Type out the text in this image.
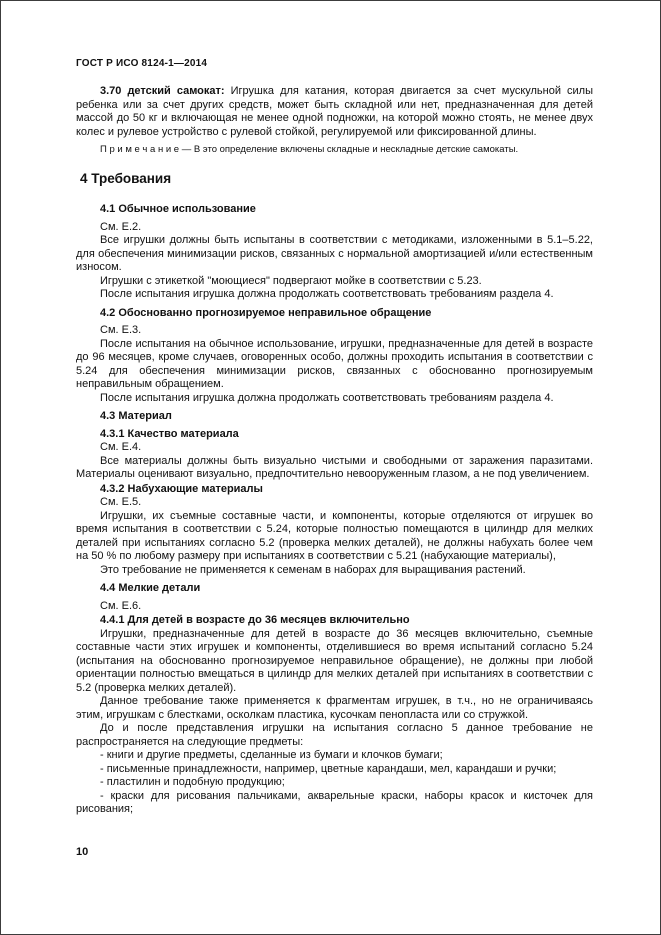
ГОСТ Р ИСО 8124-1—2014

3.70 детский самокат: Игрушка для катания, которая двигается за счет мускульной силы ребенка или за счет других средств, может быть складной или нет, предназначенная для детей массой до 50 кг и включающая не менее одной подножки, на которой можно стоять, не менее двух колес и рулевое устройство с рулевой стойкой, регулируемой или фиксированной длины.

П р и м е ч а н и е — В это определение включены складные и нескладные детские самокаты.

4 Требования
4.1 Обычное использование

См. Е.2.

Все игрушки должны быть испытаны в соответствии с методиками, изложенными в 5.1–5.22, для обеспечения минимизации рисков, связанных с нормальной амортизацией и/или естественным износом.

Игрушки с этикеткой "моющиеся" подвергают мойке в соответствии с 5.23.

После испытания игрушка должна продолжать соответствовать требованиям раздела 4.

4.2 Обоснованно прогнозируемое неправильное обращение

См. Е.3.

После испытания на обычное использование, игрушки, предназначенные для детей в возрасте до 96 месяцев, кроме случаев, оговоренных особо, должны проходить испытания в соответствии с 5.24 для обеспечения минимизации рисков, связанных с обоснованно прогнозируемым неправильным обращением.

После испытания игрушка должна продолжать соответствовать требованиям раздела 4.

4.3 Материал
4.3.1 Качество материала

См. Е.4.

Все материалы должны быть визуально чистыми и свободными от заражения паразитами. Материалы оценивают визуально, предпочтительно невооруженным глазом, а не под увеличением.

4.3.2 Набухающие материалы

См. Е.5.

Игрушки, их съемные составные части, и компоненты, которые отделяются от игрушек во время испытания в соответствии с 5.24, которые полностью помещаются в цилиндр для мелких деталей при испытаниях согласно 5.2 (проверка мелких деталей), не должны набухать более чем на 50 % по любому размеру при испытаниях в соответствии с 5.21 (набухающие материалы),

Это требование не применяется к семенам в наборах для выращивания растений.

4.4 Мелкие детали

См. Е.6.

4.4.1 Для детей в возрасте до 36 месяцев включительно

Игрушки, предназначенные для детей в возрасте до 36 месяцев включительно, съемные составные части этих игрушек и компоненты, отделившиеся во время испытаний согласно 5.24 (испытания на обоснованно прогнозируемое неправильное обращение), не должны при любой ориентации полностью вмещаться в цилиндр для мелких деталей при испытаниях в соответствии с 5.2 (проверка мелких деталей).

Данное требование также применяется к фрагментам игрушек, в т.ч., но не ограничиваясь этим, игрушкам с блестками, осколкам пластика, кусочкам пенопласта или со стружкой.

До и после представления игрушки на испытания согласно 5 данное требование не распространяется на следующие предметы:

- книги и другие предметы, сделанные из бумаги и клочков бумаги;

- письменные принадлежности, например, цветные карандаши, мел, карандаши и ручки;

- пластилин и подобную продукцию;

- краски для рисования пальчиками, акварельные краски, наборы красок и кисточек для рисования;

10
